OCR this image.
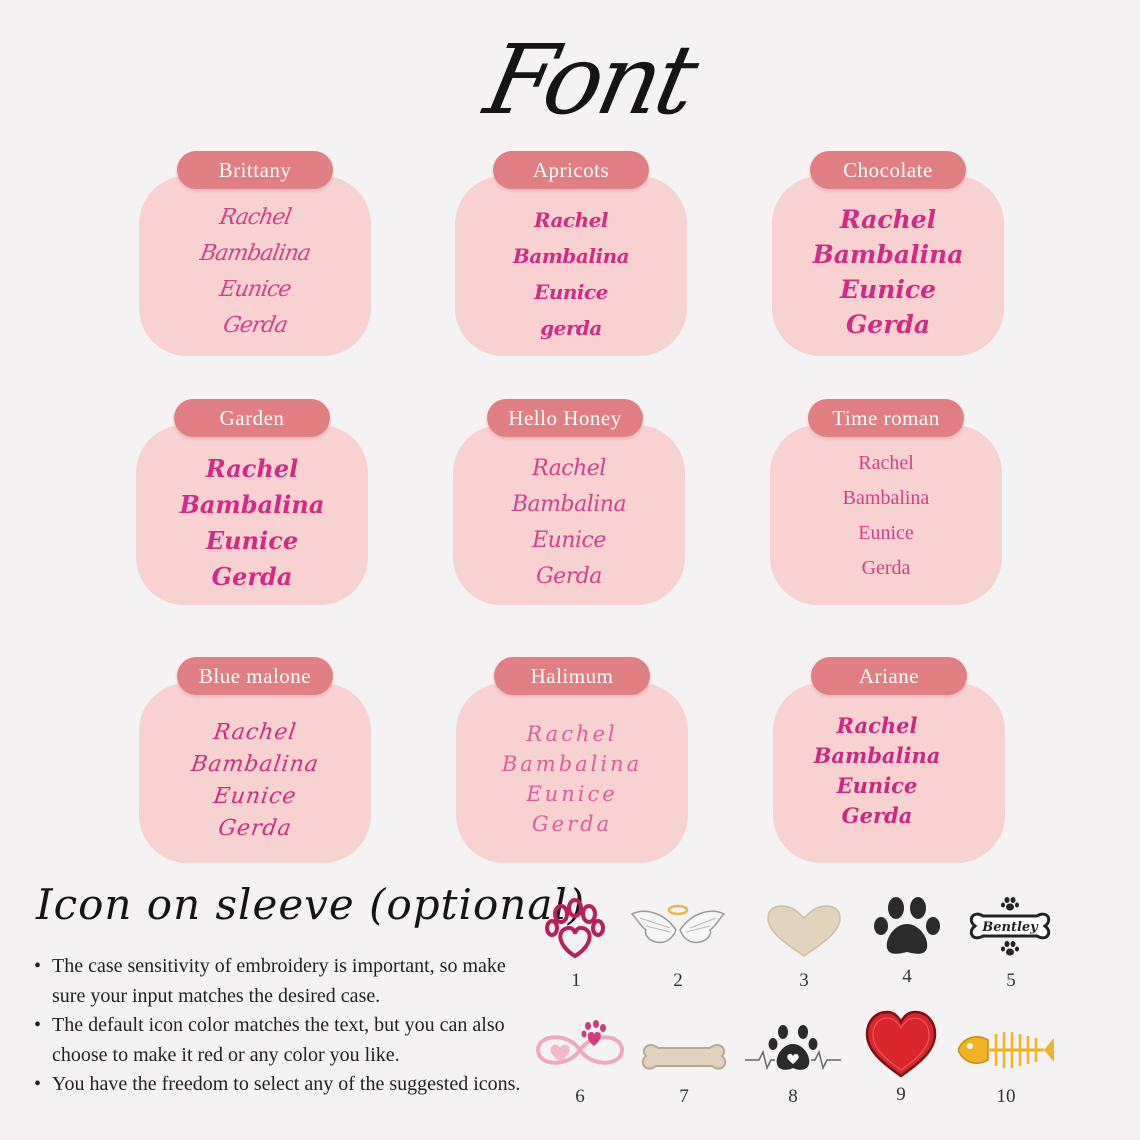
Font
Rachel
Bambalina
Eunice
Gerda
Brittany
Rachel
Bambalina
Eunice
gerda
Apricots
Rachel
Bambalina
Eunice
Gerda
Chocolate
Rachel
Bambalina
Eunice
Gerda
Garden
Rachel
Bambalina
Eunice
Gerda
Hello Honey
Rachel
Bambalina
Eunice
Gerda
Time roman
Rachel
Bambalina
Eunice
Gerda
Blue malone
Rachel
Bambalina
Eunice
Gerda
Halimum
Rachel
Bambalina
Eunice
Gerda
Ariane
Icon on sleeve (optional)
• The case sensitivity of embroidery is important, so make sure your input matches the desired case.
• The default icon color matches the text, but you can also choose to make it red or any color you like.
• You have the freedom to select any of the suggested icons.
1	2	3	4
Bentley
5
6	7	8	9	10
